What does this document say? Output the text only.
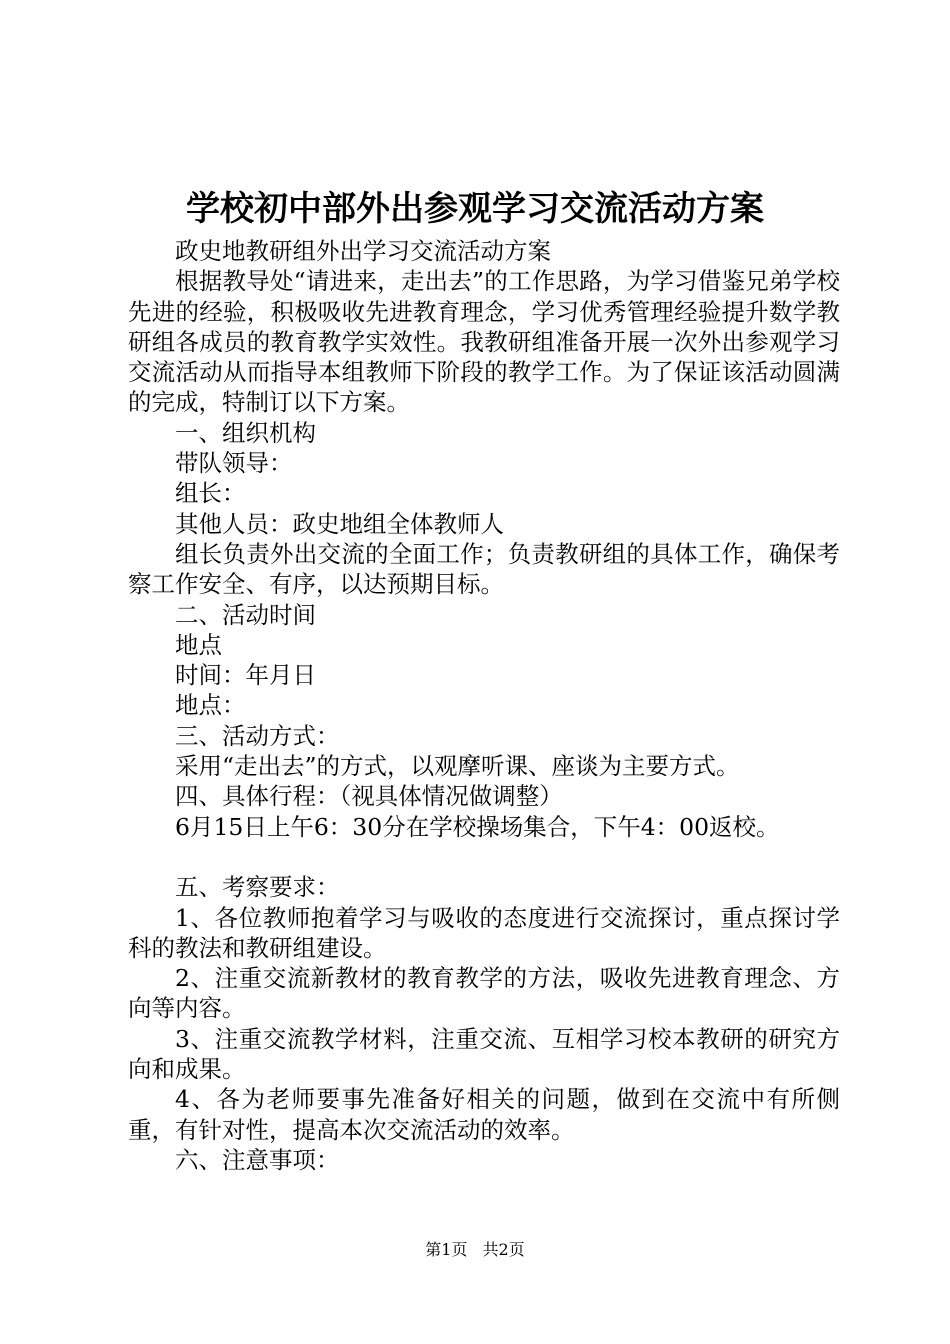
学校初中部外出参观学习交流活动方案

政史地教研组外出学习交流活动方案

根据教导处“请进来，走出去”的工作思路，为学习借鉴兄弟学校先进的经验，积极吸收先进教育理念，学习优秀管理经验提升数学教研组各成员的教育教学实效性。我教研组准备开展一次外出参观学习交流活动从而指导本组教师下阶段的教学工作。为了保证该活动圆满的完成，特制订以下方案。

一、组织机构

带队领导：

组长：

其他人员：政史地组全体教师人

组长负责外出交流的全面工作；负责教研组的具体工作，确保考察工作安全、有序，以达预期目标。

二、活动时间

地点

时间：年月日

地点：

三、活动方式：

采用“走出去”的方式，以观摩听课、座谈为主要方式。

四、具体行程：（视具体情况做调整）

6月15日上午6：30分在学校操场集合，下午4：00返校。

五、考察要求：

1、各位教师抱着学习与吸收的态度进行交流探讨，重点探讨学科的教法和教研组建设。

2、注重交流新教材的教育教学的方法，吸收先进教育理念、方向等内容。

3、注重交流教学材料，注重交流、互相学习校本教研的研究方向和成果。

4、各为老师要事先准备好相关的问题，做到在交流中有所侧重，有针对性，提高本次交流活动的效率。

六、注意事项：

第1页 共2页
